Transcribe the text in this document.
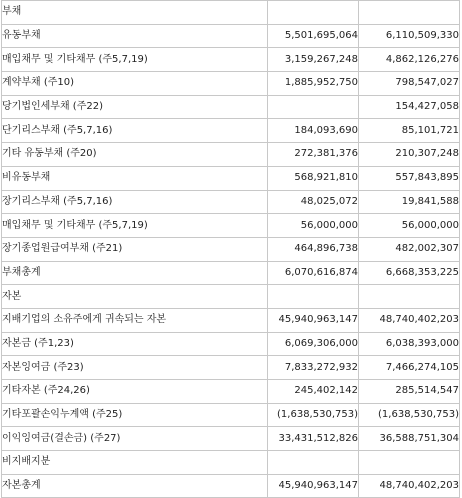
부채		
유동부채	5,501,695,064	6,110,509,330
매입채무 및 기타채무 (주5,7,19)	3,159,267,248	4,862,126,276
계약부채 (주10)	1,885,952,750	798,547,027
당기법인세부채 (주22)		154,427,058
단기리스부채 (주5,7,16)	184,093,690	85,101,721
기타 유동부채 (주20)	272,381,376	210,307,248
비유동부채	568,921,810	557,843,895
장기리스부채 (주5,7,16)	48,025,072	19,841,588
매입채무 및 기타채무 (주5,7,19)	56,000,000	56,000,000
장기종업원급여부채 (주21)	464,896,738	482,002,307
부채총계	6,070,616,874	6,668,353,225
자본		
지배기업의 소유주에게 귀속되는 자본	45,940,963,147	48,740,402,203
자본금 (주1,23)	6,069,306,000	6,038,393,000
자본잉여금 (주23)	7,833,272,932	7,466,274,105
기타자본 (주24,26)	245,402,142	285,514,547
기타포괄손익누계액 (주25)	(1,638,530,753)	(1,638,530,753)
이익잉여금(결손금) (주27)	33,431,512,826	36,588,751,304
비지배지분		
자본총계	45,940,963,147	48,740,402,203
